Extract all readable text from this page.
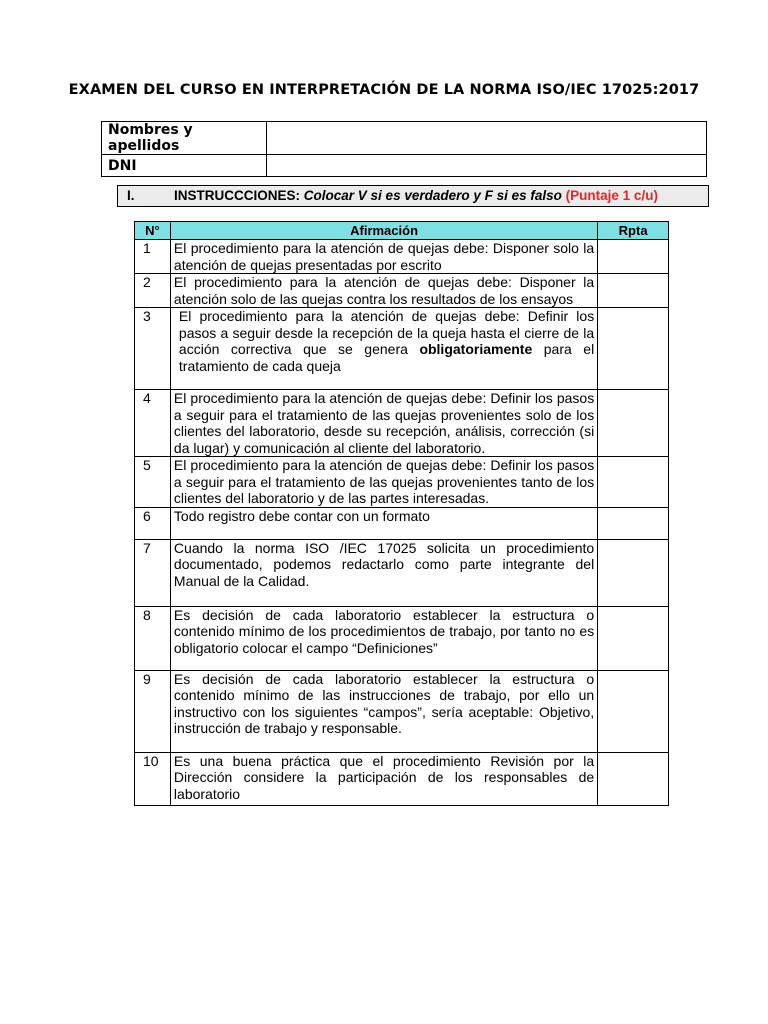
EXAMEN DEL CURSO EN INTERPRETACIÓN DE LA NORMA ISO/IEC 17025:2017
Nombres y apellidos	
DNI	
I.	INSTRUCCCIONES: Colocar V si es verdadero y F si es falso (Puntaje 1 c/u)
N°	Afirmación	Rpta
1	El procedimiento para la atención de quejas debe: Disponer solo la atención de quejas presentadas por escrito	
2	El procedimiento para la atención de quejas debe: Disponer la atención solo de las quejas contra los resultados de los ensayos	
3	El procedimiento para la atención de quejas debe: Definir los pasos a seguir desde la recepción de la queja hasta el cierre de la acción correctiva que se genera obligatoriamente para el tratamiento de cada queja	
4	El procedimiento para la atención de quejas debe: Definir los pasos a seguir para el tratamiento de las quejas provenientes solo de los clientes del laboratorio, desde su recepción, análisis, corrección (si da lugar) y comunicación al cliente del laboratorio.	
5	El procedimiento para la atención de quejas debe: Definir los pasos a seguir para el tratamiento de las quejas provenientes tanto de los clientes del laboratorio y de las partes interesadas.	
6	Todo registro debe contar con un formato	
7	Cuando la norma ISO /IEC 17025 solicita un procedimiento documentado, podemos redactarlo como parte integrante del Manual de la Calidad.	
8	Es decisión de cada laboratorio establecer la estructura o contenido mínimo de los procedimientos de trabajo, por tanto no es obligatorio colocar el campo “Definiciones”	
9	Es decisión de cada laboratorio establecer la estructura o contenido mínimo de las instrucciones de trabajo, por ello un instructivo con los siguientes “campos”, sería aceptable: Objetivo, instrucción de trabajo y responsable.	
10	Es una buena práctica que el procedimiento Revisión por la Dirección considere la participación de los responsables de laboratorio	
